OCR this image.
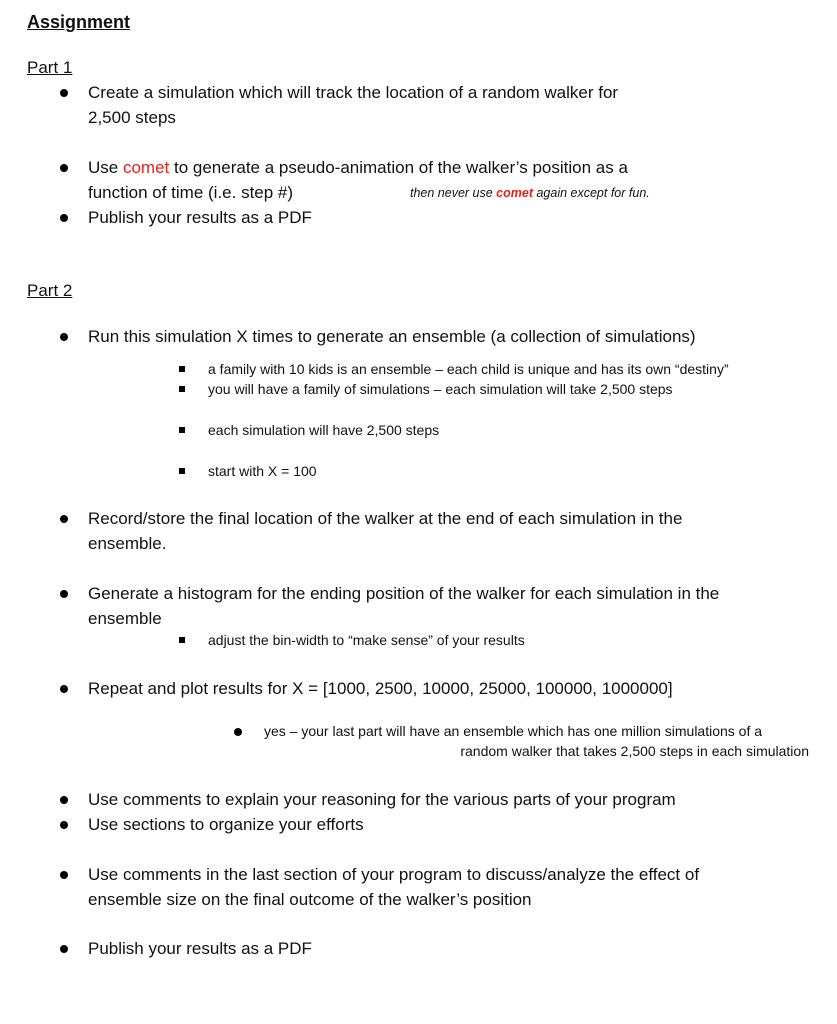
Assignment
Part 1
Create a simulation which will track the location of a random walker for
2,500 steps
Use comet to generate a pseudo-animation of the walker’s position as a
function of time (i.e. step #)	then never use comet again except for fun.
Publish your results as a PDF
Part 2
Run this simulation X times to generate an ensemble (a collection of simulations)
a family with 10 kids is an ensemble – each child is unique and has its own “destiny”
you will have a family of simulations – each simulation will take 2,500 steps
each simulation will have 2,500 steps
start with X = 100
Record/store the final location of the walker at the end of each simulation in the
ensemble.
Generate a histogram for the ending position of the walker for each simulation in the
ensemble
adjust the bin-width to “make sense” of your results
Repeat and plot results for X = [1000, 2500, 10000, 25000, 100000, 1000000]
yes – your last part will have an ensemble which has one million simulations of a
random walker that takes 2,500 steps in each simulation
Use comments to explain your reasoning for the various parts of your program
Use sections to organize your efforts
Use comments in the last section of your program to discuss/analyze the effect of
ensemble size on the final outcome of the walker’s position
Publish your results as a PDF
